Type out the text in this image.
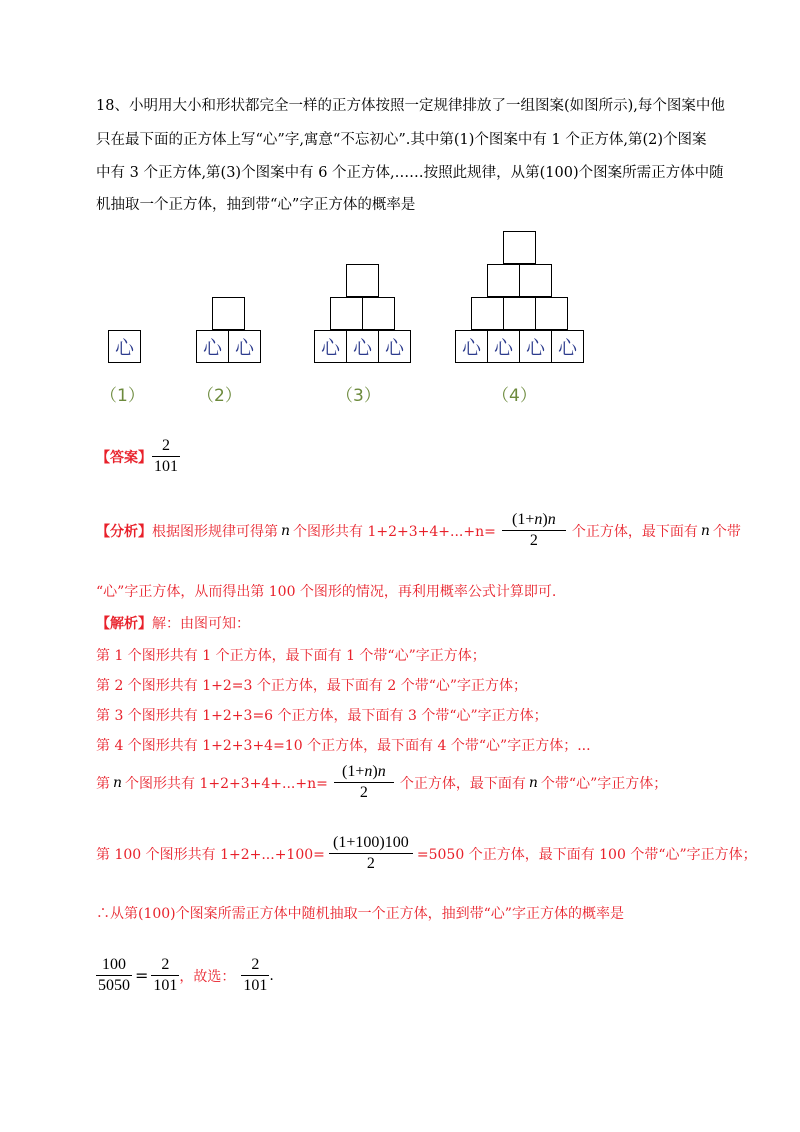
18、小明用大小和形状都完全一样的正方体按照一定规律排放了一组图案(如图所示),每个图案中他
只在最下面的正方体上写“心”字,寓意“不忘初心”.其中第(1)个图案中有 1 个正方体,第(2)个图案
中有 3 个正方体,第(3)个图案中有 6 个正方体,……按照此规律，从第(100)个图案所需正方体中随
机抽取一个正方体，抽到带“心”字正方体的概率是
心	心 心	心 心 心	心 心 心 心
（1）	（2）	（3）	（4）
【答案】 $\frac{2}{101}$
【分析】 根据图形规律可得第 n 个图形共有 $1+2+3+4+...+n= \frac{(1+n)n}{2}$ 个正方体，最下面有 n 个带
“心”字正方体，从而得出第 100 个图形的情况，再利用概率公式计算即可.
【解析】解：由图可知：
第 1 个图形共有 1 个正方体，最下面有 1 个带“心”字正方体；
第 2 个图形共有 1+2=3 个正方体，最下面有 2 个带“心”字正方体；
第 3 个图形共有 1+2+3=6 个正方体，最下面有 3 个带“心”字正方体；
第 4 个图形共有 1+2+3+4=10 个正方体，最下面有 4 个带“心”字正方体；...
第 n 个图形共有 $1+2+3+4+...+n= \frac{(1+n)n}{2}$ 个正方体，最下面有 n 个带“心”字正方体；
第 100 个图形共有 $1+2+...+100= \frac{(1+100)100}{2} =5050$ 个正方体，最下面有 100 个带“心”字正方体；
∴从第(100)个图案所需正方体中随机抽取一个正方体，抽到带“心”字正方体的概率是
$\frac{100}{5050} = \frac{2}{101}$ ，故选： $\frac{2}{101}$ .
